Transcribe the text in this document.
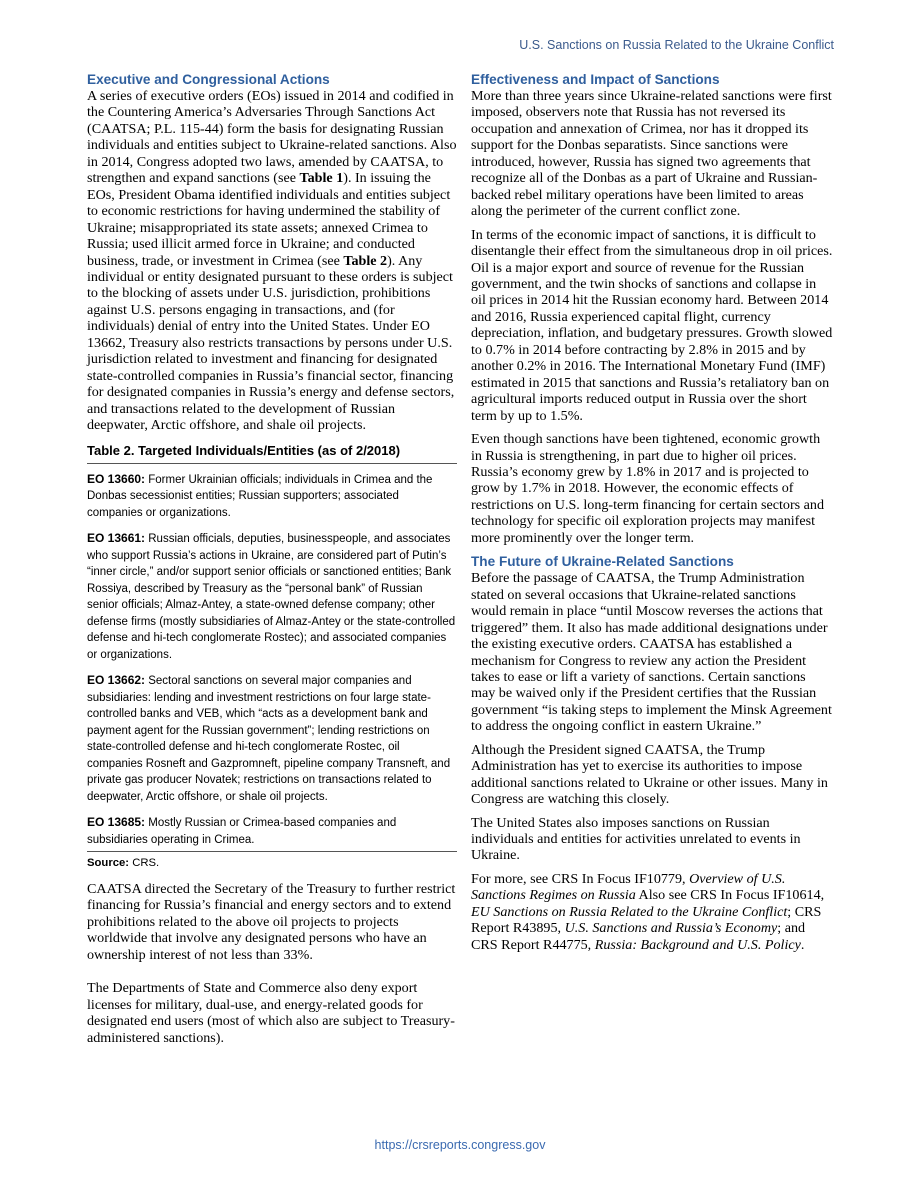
U.S. Sanctions on Russia Related to the Ukraine Conflict
Executive and Congressional Actions

A series of executive orders (EOs) issued in 2014 and codified in the Countering America’s Adversaries Through Sanctions Act (CAATSA; P.L. 115-44) form the basis for designating Russian individuals and entities subject to Ukraine-related sanctions. Also in 2014, Congress adopted two laws, amended by CAATSA, to strengthen and expand sanctions (see Table 1). In issuing the EOs, President Obama identified individuals and entities subject to economic restrictions for having undermined the stability of Ukraine; misappropriated its state assets; annexed Crimea to Russia; used illicit armed force in Ukraine; and conducted business, trade, or investment in Crimea (see Table 2). Any individual or entity designated pursuant to these orders is subject to the blocking of assets under U.S. jurisdiction, prohibitions against U.S. persons engaging in transactions, and (for individuals) denial of entry into the United States. Under EO 13662, Treasury also restricts transactions by persons under U.S. jurisdiction related to investment and financing for designated state-controlled companies in Russia’s financial sector, financing for designated companies in Russia’s energy and defense sectors, and transactions related to the development of Russian deepwater, Arctic offshore, and shale oil projects.

Table 2. Targeted Individuals/Entities (as of 2/2018)
EO 13660: Former Ukrainian officials; individuals in Crimea and the Donbas secessionist entities; Russian supporters; associated companies or organizations.
EO 13661: Russian officials, deputies, businesspeople, and associates who support Russia’s actions in Ukraine, are considered part of Putin’s “inner circle,” and/or support senior officials or sanctioned entities; Bank Rossiya, described by Treasury as the “personal bank” of Russian senior officials; Almaz-Antey, a state-owned defense company; other defense firms (mostly subsidiaries of Almaz-Antey or the state-controlled defense and hi-tech conglomerate Rostec); and associated companies or organizations.
EO 13662: Sectoral sanctions on several major companies and subsidiaries: lending and investment restrictions on four large state-controlled banks and VEB, which “acts as a development bank and payment agent for the Russian government”; lending restrictions on state-controlled defense and hi-tech conglomerate Rostec, oil companies Rosneft and Gazpromneft, pipeline company Transneft, and private gas producer Novatek; restrictions on transactions related to deepwater, Arctic offshore, or shale oil projects.
EO 13685: Mostly Russian or Crimea-based companies and subsidiaries operating in Crimea.
Source: CRS.

CAATSA directed the Secretary of the Treasury to further restrict financing for Russia’s financial and energy sectors and to extend prohibitions related to the above oil projects to projects worldwide that involve any designated persons who have an ownership interest of not less than 33%.

The Departments of State and Commerce also deny export licenses for military, dual-use, and energy-related goods for designated end users (most of which also are subject to Treasury-administered sanctions).

Effectiveness and Impact of Sanctions

More than three years since Ukraine-related sanctions were first imposed, observers note that Russia has not reversed its occupation and annexation of Crimea, nor has it dropped its support for the Donbas separatists. Since sanctions were introduced, however, Russia has signed two agreements that recognize all of the Donbas as a part of Ukraine and Russian-backed rebel military operations have been limited to areas along the perimeter of the current conflict zone.

In terms of the economic impact of sanctions, it is difficult to disentangle their effect from the simultaneous drop in oil prices. Oil is a major export and source of revenue for the Russian government, and the twin shocks of sanctions and collapse in oil prices in 2014 hit the Russian economy hard. Between 2014 and 2016, Russia experienced capital flight, currency depreciation, inflation, and budgetary pressures. Growth slowed to 0.7% in 2014 before contracting by 2.8% in 2015 and by another 0.2% in 2016. The International Monetary Fund (IMF) estimated in 2015 that sanctions and Russia’s retaliatory ban on agricultural imports reduced output in Russia over the short term by up to 1.5%.

Even though sanctions have been tightened, economic growth in Russia is strengthening, in part due to higher oil prices. Russia’s economy grew by 1.8% in 2017 and is projected to grow by 1.7% in 2018. However, the economic effects of restrictions on U.S. long-term financing for certain sectors and technology for specific oil exploration projects may manifest more prominently over the longer term.

The Future of Ukraine-Related Sanctions

Before the passage of CAATSA, the Trump Administration stated on several occasions that Ukraine-related sanctions would remain in place “until Moscow reverses the actions that triggered” them. It also has made additional designations under the existing executive orders. CAATSA has established a mechanism for Congress to review any action the President takes to ease or lift a variety of sanctions. Certain sanctions may be waived only if the President certifies that the Russian government “is taking steps to implement the Minsk Agreement to address the ongoing conflict in eastern Ukraine.”

Although the President signed CAATSA, the Trump Administration has yet to exercise its authorities to impose additional sanctions related to Ukraine or other issues. Many in Congress are watching this closely.

The United States also imposes sanctions on Russian individuals and entities for activities unrelated to events in Ukraine.

For more, see CRS In Focus IF10779, Overview of U.S. Sanctions Regimes on Russia Also see CRS In Focus IF10614, EU Sanctions on Russia Related to the Ukraine Conflict; CRS Report R43895, U.S. Sanctions and Russia’s Economy; and CRS Report R44775, Russia: Background and U.S. Policy.

https://crsreports.congress.gov
